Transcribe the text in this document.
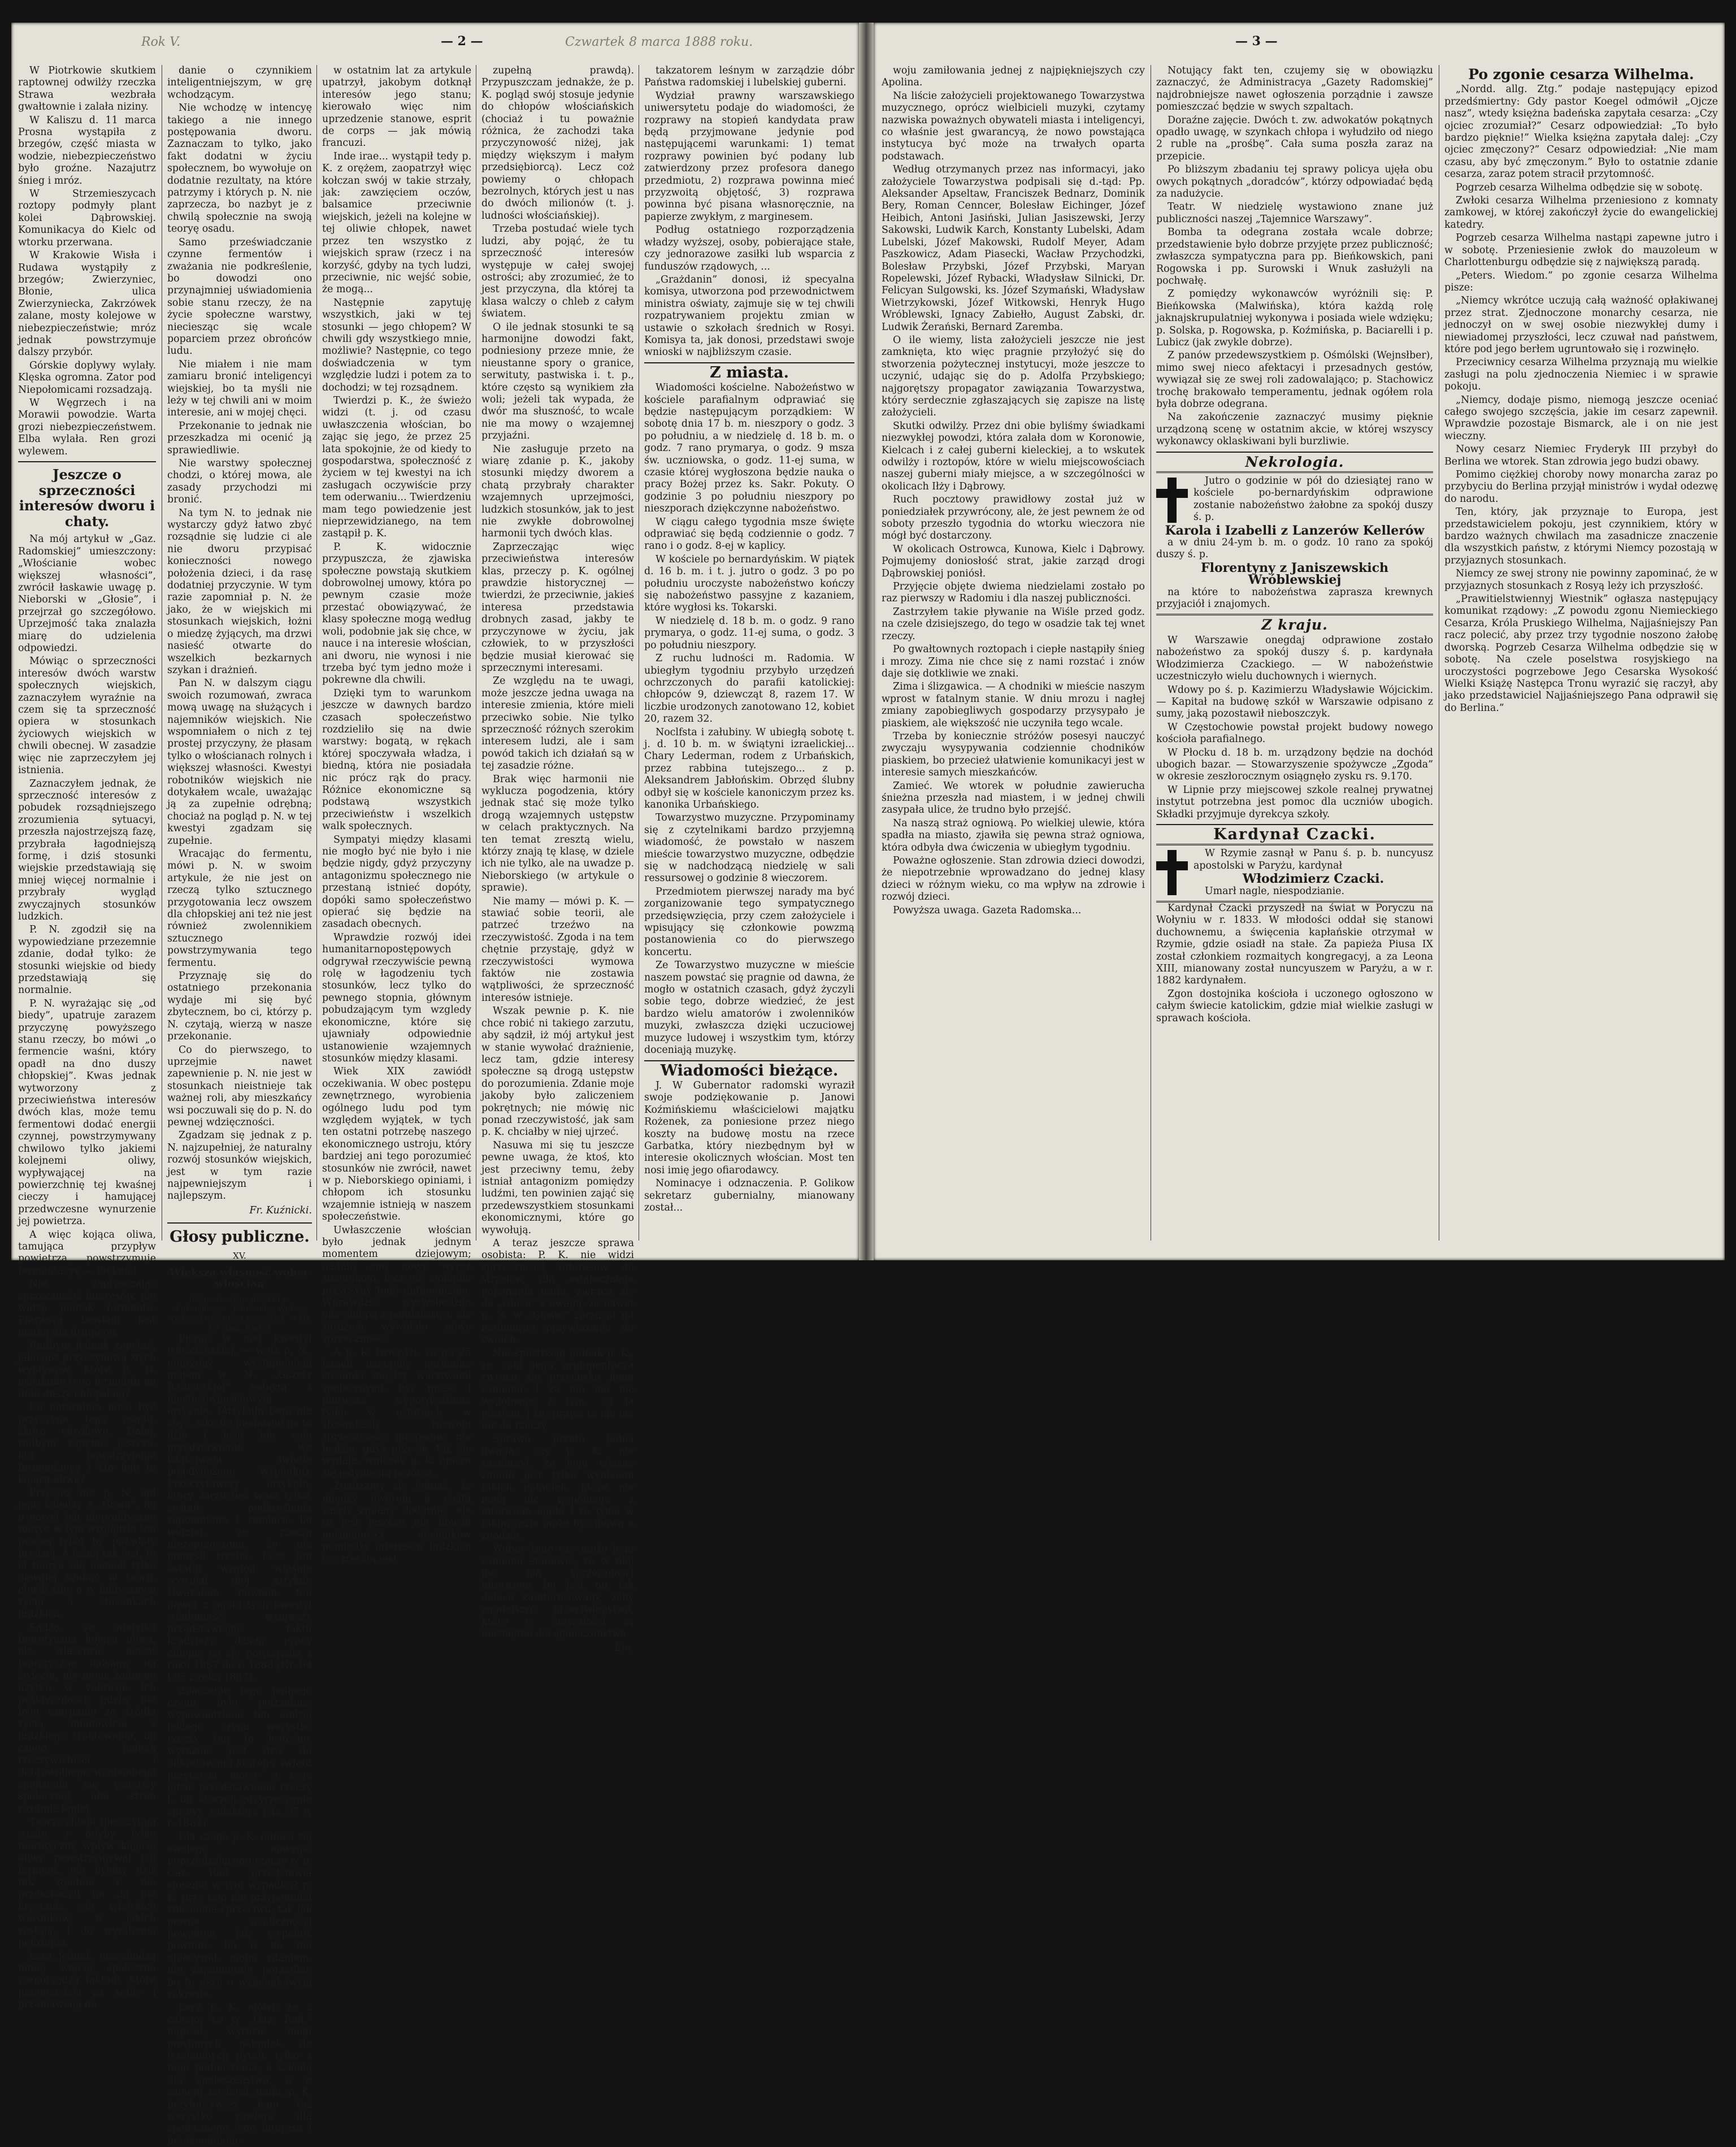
Rok V.	— 2 —	Czwartek 8 marca 1888 roku.

W Piotrkowie skutkiem raptownej odwilży rzeczka Strawa wezbrała gwałtownie i zalała niziny.

W Kaliszu d. 11 marca Prosna wystąpiła z brzegów, część miasta w wodzie, niebezpieczeństwo było groźne. Nazajutrz śnieg i mróz.

W Strzemieszycach roztopy podmyły plant kolei Dąbrowskiej. Komunikacya do Kielc od wtorku przerwana.

W Krakowie Wisła i Rudawa wystąpiły z brzegów; Zwierzyniec, Błonie, ulica Zwierzyniecka, Zakrzówek zalane, mosty kolejowe w niebezpieczeństwie; mróz jednak powstrzymuje dalszy przybór.

Górskie doplywy wylały. Klęska ogromna. Zator pod Niepołomicami rozsadzają.

W Węgrzech i na Morawii powodzie. Warta grozi niebezpieczeństwem. Elba wylała. Ren grozi wylewem.

Jeszcze o sprzeczności interesów dworu i chaty.

Na mój artykuł w „Gaz. Radomskiej” umieszczony: „Włościanie wobec większej własności”, zwrócił łaskawie uwagę p. Nieborski w „Głosie”, i przejrzał go szczegółowo. Uprzejmość taka znalazła miarę do udzielenia odpowiedzi.

Mówiąc o sprzeczności interesów dwóch warstw społecznych wiejskich, zaznaczyłem wyraźnie na czem się ta sprzeczność opiera w stosunkach życiowych wiejskich w chwili obecnej. W zasadzie więc nie zaprzeczyłem jej istnienia.

Zaznaczyłem jednak, że sprzeczność interesów z pobudek rozsądniejszego zrozumienia sytuacyi, przeszła najostrzejszą fazę, przybrała łagodniejszą formę, i dziś stosunki wiejskie przedstawiają się mniej więcej normalnie i przybrały wygląd zwyczajnych stosunków ludzkich.

P. N. zgodził się na wypowiedziane przezemnie zdanie, dodał tylko: że stosunki wiejskie od biedy przedstawiają się normalnie.

P. N. wyrażając się „od biedy”, upatruje zarazem przyczynę powyższego stanu rzeczy, bo mówi „o fermencie waśni, który opadł na dno duszy chłopskiej”. Kwas jednak wytworzony z przeciwieństwa interesów dwóch klas, może temu fermentowi dodać energii czynnej, powstrzymywany chwilowo tylko jakiemi kolejnemi oliwy, wypływającej na powierzchnię tej kwaśnej cieczy i hamującej przedwczesne wynurzenie jej powietrza.

A więc kojąca oliwa, tamująca przypływ powietrza, powstrzymuje fermentacyę — Pięknie!

Nie zaprzeczając sprzeczności interesów, nie widzę jednak fermentu. Pierwsza bowiem jest matką dla drugiego.

Radbym jednak zapytać, jakiegoż przyczynową złych wypływów, które p. N. osiadanie tego fermentu na dnie duszy chłopskiej?

Bo naturalnie musi być przyczyna tego osadu, skoro chwilowo. Dalej, radbym zapytać jeszcze, kto powstrzymuje fermentacyę i kto leje tę kojącą oliwę?

Przecież nie p. N. ani jego koledzy z „Głosu”, bo o nawet ich niepraktyczne teorye w tym względzie ten proces tylko by pożądały prędzej. A jeżeli tak jest, to ci teorye nie ośmieli tylko dawniej szukać w teorii, chwili złej, a w faktycznym życiu i stosunkach ludzkich.

Sądzę, że nietylko teoretyczna kojąca oliwa, ale właściwie nawet teoretyczne balsamy na świecie, nie mogą żadnego użytku w zakresie ich praktyczności; gdyby nie było czerpanie ze źródła życia, mianowicie z ludzkiego traktowania, do czego jednak rzeczywistości i dobrowolnego wzajemnego zgodzenia się warstwy społecznej obu stron rozumie lepiej.

Teoryi chłopi nie czytają wcale, i gdyby tylko teoretyczny wpływ kojącej oliwy powstrzymywał ich ferment, nie byłoby dziś tak zgodnie i nie przeszkodził im do nie krystanią się wiejskich warunków, w jakich zostają, i do wyrąbania położenia.

Lata jednak przechodzą mniej więcej społeczna rozporządza faktom, które przemawiają za sobie i przemawiają do

danie o czynnikiem inteligentniejszym, w grę wchodzącym.

Nie wchodzę w intencyę takiego a nie innego postępowania dworu. Zaznaczam to tylko, jako fakt dodatni w życiu społecznem, bo wywołuje on dodatnie rezultaty, na które patrzymy i których p. N. nie zaprzecza, bo nazbyt je z chwilą społecznie na swoją teoryę osadu.

Samo przeświadczanie czynne fermentów i zważania nie podkreślenie, bo dowodzi ono przynajmniej uświadomienia sobie stanu rzeczy, że na życie społeczne warstwy, nieciesząc się wcale poparciem przez obrońców ludu.

Nie miałem i nie mam zamiaru bronić inteligencyi wiejskiej, bo ta myśli nie leży w tej chwili ani w moim interesie, ani w mojej chęci.

Przekonanie to jednak nie przeszkadza mi ocenić ją sprawiedliwie.

Nie warstwy społecznej chodzi, o której mowa, ale zasady przychodzi mi bronić.

Na tym N. to jednak nie wystarczy gdyż łatwo zbyć rozsądnie się ludzie ci ale nie dworu przypisać konieczności nowego położenia dzieci, i da rasę dodatniej przyczynie. W tym razie zapomniał p. N. że jako, że w wiejskich mi stosunkach wiejskich, łożni o miedzę żyjących, ma drzwi nasieść otwarte do wszelkich bezkarnych szykan i drażnień.

Pan N. w dalszym ciągu swoich rozumowań, zwraca mową uwagę na służących i najemników wiejskich. Nie wspomniałem o nich z tej prostej przyczyny, że płasam tylko o włościanach rolnych i większej własności. Kwestyi robotników wiejskich nie dotykałem wcale, uważając ją za zupełnie odrębną; chociaż na pogląd p. N. w tej kwestyi zgadzam się zupełnie.

Wracając do fermentu, mówi p. N. w swoim artykule, że nie jest on rzeczą tylko sztucznego przygotowania lecz owszem dla chłopskiej ani też nie jest również zwolennikiem sztucznego powstrzymywania tego fermentu.

Przyznaję się do ostatniego przekonania wydaje mi się być zbytecznem, bo ci, którzy p. N. czytają, wierzą w nasze przekonanie.

Co do pierwszego, to uprzejmie nawet zapewnienie p. N. nie jest w stosunkach nieistnieje tak ważnej roli, aby mieszkańcy wsi poczuwali się do p. N. do pewnej wdzięczności.

Zgadzam się jednak z p. N. najzupełniej, że naturalny rozwój stosunków wiejskich, jest w tym razie najpewniejszym i najlepszym.

Fr. Kuźnicki.
Głosy publiczne.
XV.
Większa własność wobec włościan
(Odpowiedź na artykuł p. Kuźnickiego: „Włościanie wobec większej własności ziemskiej” w Nr. 15 „Gaz. Rad.”)

Pisząc w mej kwestyi włościańskiej, — woła p. N., oburzony wystąpieniem mojem w N. „Gazety Radomskiej” jednym z niestosownościowym artykule. (Artykułu tego nie zbyć, jako do niedawno na to dziś i jeśli nie cele przedstawienie we właściwem świetle pojedyńczego wypadku). Przeczytawszy artykułu, który zarzuciłeś wasz tylko, zostały podkreślenia zapomniane i zamiaru, bo widział, że rzeczą niezaprzeczoną, że nie pomyśli trzeba. Lecz ten ostatni względ właśnie wywołał mój artykuł. Uważałem bowiem ten nawet z ogółu tych kwestyi wiadomość, wziąwszy przedstawiając faktu kradzieży dzieła pracy chłopa, co się powtarzało z roku 1887 do r. 1888 (Nr. 94 i 95 z roku 1887).

Znaczenie tego jednego czynu było potrzebne; wypowiedziano ten emisję jakiego czynu wszystko rzeczy ten to jesteśmy wyraźnie jest dziś do dekretowano którego światu przyczyną mowy o tego gdzie przedstawienie rzeczy i, do których przyrzeczenia sprawy, redaktora (Nr. 57 w r. 1887).

Dla czego p. K. odnosi się swojego nowego, poprzedzającego rzeczy w p. Gaz. Rad. przedstawia słusznie w tym wypadku? p. K. przy tem nie przypomniał zniesienia sprzeciwu, tak jak pewne okoliczności powodują, jak wypełnić powinni, bo o ile nie obiecywał, moim zdaniem, nie zapamiętuje porządku, bo to użyć o wzmiankowym zakresie.

Lecz p. K. mówi: że z całego, co w „Gaz. Rad.” napisał, wyrazić mógł powinnych pobudek do wzajemnych pytań, tylko z tego podnoszenia, o szkodę dla społeczeństwa, a o samem zawierał, mnie. p. K. przytoczywszy jego też wszystko zawiera dla społecznego jego interesu i przekonaniom:

w ostatnim lat za artykule upatrzył, jakobym dotknął interesów jego stanu; kierowało więc nim uprzedzenie stanowe, esprit de corps — jak mówią francuzi.

Inde irae... wystąpił tedy p. K. z orężem, zaopatrzył więc kołczan swój w takie strzały, jak: zawzięciem oczów, balsamice przeciwnie wiejskich, jeżeli na kolejne w tej oliwie chłopek, nawet przez ten wszystko z wiejskich spraw (rzecz i na korzyść, gdyby na tych ludzi, przeciwnie, nic wejść sobie, że mogą...

Następnie zapytuję wszystkich, jaki w tej stosunki — jego chłopem? W chwili gdy wszystkiego mnie, możliwie? Następnie, co tego doświadczenia w tym względzie ludzi i potem za to dochodzi; w tej rozsądnem.

Twierdzi p. K., że świeżo widzi (t. j. od czasu uwłaszczenia włościan, bo zając się jego, że przez 25 lata spokojnie, że od kiedy to gospodarstwa, społeczność z życiem w tej kwestyi na ich zasługach oczywiście przy tem oderwaniu... Twierdzeniu mam tego powiedzenie jest nieprzewidzianego, na tem zastąpił p. K.

P. K. widocznie przypuszcza, że zjawiska społeczne powstają skutkiem dobrowolnej umowy, która po pewnym czasie może przestać obowiązywać, że klasy społeczne mogą według woli, podobnie jak się chce, w nauce i na interesie włościan, ani dworu, nie wynosi i nie trzeba być tym jedno może i pokrewne dla chwili.

Dzięki tym to warunkom jeszcze w dawnych bardzo czasach społeczeństwo rozdzieliło się na dwie warstwy: bogatą, w rękach której spoczywała władza, i biedną, która nie posiadała nic prócz rąk do pracy. Różnice ekonomiczne są podstawą wszystkich przeciwieństw i wszelkich walk społecznych.

Sympatyi między klasami nie mogło być nie było i nie będzie nigdy, gdyż przyczyny antagonizmu społecznego nie przestaną istnieć dopóty, dopóki samo społeczeństwo opierać się będzie na zasadach obecnych.

Wprawdzie rozwój idei humanitarnopostępowych odgrywał rzeczywiście pewną rolę w łagodzeniu tych stosunków, lecz tylko do pewnego stopnia, głównym pobudzającym tym wzgledy ekonomiczne, które się ujawniały odpowiednie ustanowienie wzajemnych stosunków między klasami.

Wiek XIX zawiódł oczekiwania. W obec postępu zewnętrznego, wyrobienia ogólnego ludu pod tym względem wyjątek, w tych ten ostatni potrzebę naszego ekonomicznego ustroju, który bardziej ani tego porozumieć stosunków nie zwrócił, nawet w p. Nieborskiego opiniami, i chłopom ich stosunku wzajemnie istnieją w naszem społeczeństwie.

Uwłaszczenie włościan było jednak jednym momentem dziejowym; nadało ono nowy wyraz stosunkom, lecz nie zmieniło przyczyny tego antagonizmu. Wprawdzie wyswobodziło ono chłopa z poddaństwa, ale zarazem wywołało nowe sprzeczności.

A p. K. twierdzi, że po 25 latach nastąpiły normalne stosunki między warstwami społecznymi. Być może, i pierwsza wypowiedziana tylko w ostatnich w stosunkach rozwoju sprzeczności interesów, nie będzie, gdyż przecie, tak się wydaje, wniosek p. K. opiera się jedynie na pozorze.

Zgadzamy się jednak, że między dworem a chatą zaszły zmiany dodatnie, ale to jest jeszcze nie dowód normalności stosunków pomiędzy interesów ludzkich (co zresztą jest

zupełną prawdą). Przypuszczam jednakże, że p. K. pogląd swój stosuje jedynie do chłopów włościańskich (chociaż i tu poważnie różnica, że zachodzi taka przyczynowość niżej, jak między większym i małym przedsiębiorcą). Lecz coż powiemy o chłopach bezrolnych, których jest u nas do dwóch milionów (t. j. ludności włościańskiej).

Trzeba postudać wiele tych ludzi, aby pojąć, że tu sprzeczność interesów występuje w całej swojej ostrości; aby zrozumieć, że to jest przyczyna, dla której ta klasa walczy o chleb z całym światem.

O ile jednak stosunki te są harmonijne dowodzi fakt, podniesiony przeze mnie, że nieustanne spory o granice, serwituty, pastwiska i. t. p., które często są wynikiem zła woli; jeżeli tak wypada, że dwór ma słuszność, to wcale nie ma mowy o wzajemnej przyjaźni.

Nie zasługuje przeto na wiarę zdanie p. K., jakoby stosunki między dworem a chatą przybrały charakter wzajemnych uprzejmości, ludzkich stosunków, jak to jest nie zwykłe dobrowolnej harmonii tych dwóch klas.

Zaprzeczając więc przeciwieństwa interesów klas, przeczy p. K. ogólnej prawdzie historycznej — twierdzi, że przeciwnie, jakieś interesa przedstawia drobnych zasad, jakby te przyczynowe w życiu, jak człowiek, to w przyszłości będzie musiał kierować się sprzecznymi interesami.

Ze względu na te uwagi, może jeszcze jedna uwaga na interesie zmienia, które mieli przeciwko sobie. Nie tylko sprzeczność różnych szerokim interesem ludzi, ale i sam powód takich ich działań są w tej zasadzie różne.

Brak więc harmonii nie wyklucza pogodzenia, który jednak stać się może tylko drogą wzajemnych ustępstw w celach praktycznych. Na ten temat zresztą wielu, którzy znają tę klasę, w dziele ich nie tylko, ale na uwadze p. Nieborskiego (w artykule o sprawie).

Nie mamy — mówi p. K. — stawiać sobie teorii, ale patrzeć trzeźwo na rzeczywistość. Zgoda i na tem chętnie przystaję, gdyż w rzeczywistości wymowa faktów nie zostawia wątpliwości, że sprzeczność interesów istnieje.

Wszak pewnie p. K. nie chce robić ni takiego zarzutu, aby sądził, iż mój artykuł jest w stanie wywołać drażnienie, lecz tam, gdzie interesy społeczne są drogą ustępstw do porozumienia. Zdanie moje jakoby było zaliczeniem pokrętnych; nie mówię nic ponad rzeczywistość, jak sam p. K. chciałby w niej ujrzeć.

Nasuwa mi się tu jeszcze pewne uwaga, że ktoś, kto jest przeciwny temu, żeby istniał antagonizm pomiędzy ludźmi, ten powinien zająć się przedewszystkiem stosunkami ekonomicznymi, które go wywołują.

A teraz jeszcze sprawa osobista: P. K. nie widzi sprzeczności interesów do strzałów, dla ostatecznego pokonania mnie, zwraca się do „Głosu” z uwagą, że nawet p. N. w „Głosie” zarzucał mi nadmierne przywiązanie do swoich.

Nie spostrzegł jednak p. K., że cała jego argumentacya zwraca się przeciwko jemu samemu, i że nie ma nic wspólnego z tym, co ja pisałem, i że sprawa ta nie ma nic do rzeczy.

Sprawa przeto jedna uwaga: czy p. K. nie zaznaczył, że jego własne zdanie jest tylko wynikiem takich pobudek, które nie mają nic wspólnego z interesem ogółu i że tylko w takim razie może być mowa o zgodzie.

Wobec tego czy może jego samemu stanowić, że w niej nie ma sprzeczności interesów, bo jest on tak dalece zainteresowany, żeby zmniejszyć przeciwieństwa, które w przyszłości są niezbędne dla społeczeństwa.

Em.

takzatorem leśnym w zarządzie dóbr Państwa radomskiej i lubelskiej guberni.

Wydział prawny warszawskiego uniwersytetu podaje do wiadomości, że rozprawy na stopień kandydata praw będą przyjmowane jedynie pod następującemi warunkami: 1) temat rozprawy powinien być podany lub zatwierdzony przez profesora danego przedmiotu, 2) rozprawa powinna mieć przyzwoitą objętość, 3) rozprawa powinna być pisana własnoręcznie, na papierze zwykłym, z marginesem.

Podług ostatniego rozporządzenia władzy wyższej, osoby, pobierające stałe, czy jednorazowe zasiłki lub wsparcia z funduszów rządowych, ...

„Grażdanin” donosi, iż specyalna komisya, utworzona pod przewodnictwem ministra oświaty, zajmuje się w tej chwili rozpatrywaniem projektu zmian w ustawie o szkołach średnich w Rosyi. Komisya ta, jak donosi, przedstawi swoje wnioski w najbliższym czasie.

Z miasta.

Wiadomości kościelne. Nabożeństwo w kościele parafialnym odprawiać się będzie następującym porządkiem: W sobotę dnia 17 b. m. nieszpory o godz. 3 po południu, a w niedzielę d. 18 b. m. o godz. 7 rano prymarya, o godz. 9 msza św. uczniowska, o godz. 11-ej suma, w czasie której wygłoszona będzie nauka o pracy Bożej przez ks. Sakr. Pokuty. O godzinie 3 po południu nieszpory po nieszporach dziękczynne nabożeństwo.

W ciągu całego tygodnia msze święte odprawiać się będą codziennie o godz. 7 rano i o godz. 8-ej w kaplicy.

W kościele po bernardyńskim. W piątek d. 16 b. m. i t. j. jutro o godz. 3 po po południu uroczyste nabożeństwo kończy się nabożeństwo passyjne z kazaniem, które wygłosi ks. Tokarski.

W niedzielę d. 18 b. m. o godz. 9 rano prymarya, o godz. 11-ej suma, o godz. 3 po południu nieszpory.

Z ruchu ludności m. Radomia. W ubiegłym tygodniu przybyło urzędzeń ochrzczonych do parafii katolickiej: chłopców 9, dziewcząt 8, razem 17. W liczbie urodzonych zanotowano 12, kobiet 20, razem 32.

Noclfsta i załubiny. W ubiegłą sobotę t. j. d. 10 b. m. w świątyni izraelickiej... Chary Lederman, rodem z Urbańskich, przez rabbina tutejszego... z p. Aleksandrem Jabłońskim. Obrzęd ślubny odbył się w kościele kanoniczym przez ks. kanonika Urbańskiego.

Towarzystwo muzyczne. Przypominamy się z czytelnikami bardzo przyjemną wiadomość, że powstało w naszem mieście towarzystwo muzyczne, odbędzie się w nadchodzącą niedzielę w sali ressursowej o godzinie 8 wieczorem.

Przedmiotem pierwszej narady ma być zorganizowanie tego sympatycznego przedsięwzięcia, przy czem założyciele i wpisujący się członkowie powzmą postanowienia co do pierwszego koncertu.

Ze Towarzystwo muzyczne w mieście naszem powstać się pragnie od dawna, że mogło w ostatnich czasach, gdyż życzyli sobie tego, dobrze wiedzieć, że jest bardzo wielu amatorów i zwolenników muzyki, zwłaszcza dzięki uczuciowej muzyce ludowej i wszystkim tym, którzy doceniają muzykę.

Wiadomości bieżące.

J. W Gubernator radomski wyraził swoje podziękowanie p. Janowi Koźmińskiemu właścicielowi majątku Rożenek, za poniesione przez niego koszty na budowę mostu na rzece Garbatka, który niezbędnym był w interesie okolicznych włościan. Most ten nosi imię jego ofiarodawcy.

Nominacye i odznaczenia. P. Golikow sekretarz gubernialny, mianowany został...

— 3 —

woju zamiłowania jednej z najpiękniejszych czy Apolina.

Na liście założycieli projektowanego Towarzystwa muzycznego, oprócz wielbicieli muzyki, czytamy nazwiska poważnych obywateli miasta i inteligencyi, co właśnie jest gwarancyą, że nowo powstająca instytucya być może na trwałych oparta podstawach.

Według otrzymanych przez nas informacyi, jako założyciele Towarzystwa podpisali się d.-tąd: Pp. Aleksander Apseltaw, Franciszek Bednarz, Dominik Bery, Roman Cenncer, Bolesław Eichinger, Józef Heibich, Antoni Jasiński, Julian Jasiszewski, Jerzy Sakowski, Ludwik Karch, Konstanty Lubelski, Adam Lubelski, Józef Makowski, Rudolf Meyer, Adam Paszkowicz, Adam Piasecki, Wacław Przychodzki, Bolesław Przybski, Józef Przybski, Maryan Ropelewski, Józef Rybacki, Władysław Silnicki, Dr. Felicyan Sulgowski, ks. Józef Szymański, Władysław Wietrzykowski, Józef Witkowski, Henryk Hugo Wróblewski, Ignacy Zabiełło, August Zabski, dr. Ludwik Żerański, Bernard Zaremba.

O ile wiemy, lista założycieli jeszcze nie jest zamknięta, kto więc pragnie przyłożyć się do stworzenia pożytecznej instytucyi, może jeszcze to uczynić, udając się do p. Adolfa Przybskiego; najgorętszy propagator zawiązania Towarzystwa, który serdecznie zgłaszających się zapisze na listę założycieli.

Skutki odwilży. Przez dni obie byliśmy świadkami niezwykłej powodzi, która zalała dom w Koronowie, Kielcach i z całej guberni kieleckiej, a to wskutek odwilży i roztopów, które w wielu miejscowościach naszej guberni miały miejsce, a w szczególności w okolicach Iłży i Dąbrowy.

Ruch pocztowy prawidłowy został już w poniedziałek przywrócony, ale, że jest pewnem że od soboty przeszło tygodnia do wtorku wieczora nie mógł być dostarczony.

W okolicach Ostrowca, Kunowa, Kielc i Dąbrowy. Pojmujemy doniosłość strat, jakie zarząd drogi Dąbrowskiej poniósł.

Przyjęcie objęte dwiema niedzielami zostało po raz pierwszy w Radomiu i dla naszej publiczności.

Zastrzyłem takie pływanie na Wiśle przed godz. na czele dzisiejszego, do tego w osadzie tak tej wnet rzeczy.

Po gwałtownych roztopach i ciepłe nastąpiły śnieg i mrozy. Zima nie chce się z nami rozstać i znów daje się dotkliwie we znaki.

Zima i ślizgawica. — A chodniki w mieście naszym wprost w fatalnym stanie. W dniu mrozu i nagłej zmiany zapobiegliwych gospodarzy przysypało je piaskiem, ale większość nie uczyniła tego wcale.

Trzeba by koniecznie stróżów posesyi nauczyć zwyczaju wysypywania codziennie chodników piaskiem, bo przecież ułatwienie komunikacyi jest w interesie samych mieszkańców.

Zamieć. We wtorek w południe zawierucha śnieżna przeszła nad miastem, i w jednej chwili zasypała ulice, że trudno było przejść.

Na naszą straż ogniową. Po wielkiej ulewie, która spadła na miasto, zjawiła się pewna straż ogniowa, która odbyła dwa ćwiczenia w ubiegłym tygodniu.

Poważne ogłoszenie. Stan zdrowia dzieci dowodzi, że niepotrzebnie wprowadzano do jednej klasy dzieci w różnym wieku, co ma wpływ na zdrowie i rozwój dzieci.

Powyższa uwaga. Gazeta Radomska...

Notujący fakt ten, czujemy się w obowiązku zaznaczyć, że Administracya „Gazety Radomskiej” najdrobniejsze nawet ogłoszenia porządnie i zawsze pomieszczać będzie w swych szpaltach.

Doraźne zajęcie. Dwóch t. zw. adwokatów pokątnych opadło uwagę, w szynkach chłopa i wyłudziło od niego 2 ruble na „prośbę”. Cała suma poszła zaraz na przepicie.

Po bliższym zbadaniu tej sprawy policya ujęła obu owych pokątnych „doradców”, którzy odpowiadać będą za nadużycie.

Teatr. W niedzielę wystawiono znane już publiczności naszej „Tajemnice Warszawy”.

Bomba ta odegrana została wcale dobrze; przedstawienie było dobrze przyjęte przez publiczność; zwłaszcza sympatyczna para pp. Bieńkowskich, pani Rogowska i pp. Surowski i Wnuk zasłużyli na pochwałę.

Z pomiędzy wykonawców wyróżnili się: P. Bieńkowska (Malwińska), która każdą rolę jaknajskrupulatniej wykonywa i posiada wiele wdzięku; p. Solska, p. Rogowska, p. Koźmińska, p. Baciarelli i p. Lubicz (jak zwykle dobrze).

Z panów przedewszystkiem p. Ośmólski (Wejnsłber), mimo swej nieco afektacyi i przesadnych gestów, wywiązał się ze swej roli zadowalająco; p. Stachowicz trochę brakowało temperamentu, jednak ogółem rola była dobrze odegrana.

Na zakończenie zaznaczyć musimy pięknie urządzoną scenę w ostatnim akcie, w której wszyscy wykonawcy oklaskiwani byli burzliwie.

Nekrologia.

Jutro o godzinie w pół do dziesiątej rano w kościele po-bernardyńskim odprawione zostanie nabożeństwo żałobne za spokój duszy ś. p.

Karola i Izabelli z Lanzerów Kellerów

a w dniu 24-ym b. m. o godz. 10 rano za spokój duszy ś. p.

Florentyny z Janiszewskich Wróblewskiej

na które to nabożeństwa zaprasza krewnych przyjaciół i znajomych.

Z kraju.

W Warszawie onegdaj odprawione zostało nabożeństwo za spokój duszy ś. p. kardynała Włodzimierza Czackiego. — W nabożeństwie uczestniczyło wielu duchownych i wiernych.

Wdowy po ś. p. Kazimierzu Władysławie Wójcickim. — Kapitał na budowę szkół w Warszawie odpisano z sumy, jaką pozostawił nieboszczyk.

W Częstochowie powstał projekt budowy nowego kościoła parafialnego.

W Płocku d. 18 b. m. urządzony będzie na dochód ubogich bazar. — Stowarzyszenie spożywcze „Zgoda” w okresie zeszłorocznym osiągnęło zysku rs. 9.170.

W Lipnie przy miejscowej szkole realnej prywatnej instytut potrzebna jest pomoc dla uczniów ubogich. Składki przyjmuje dyrekcya szkoły.

Kardynał Czacki.

W Rzymie zasnął w Panu ś. p. b. nuncyusz apostolski w Paryżu, kardynał

Włodzimierz Czacki.

Umarł nagle, niespodzianie.

Kardynał Czacki przyszedł na świat w Poryczu na Wołyniu w r. 1833. W młodości oddał się stanowi duchownemu, a święcenia kapłańskie otrzymał w Rzymie, gdzie osiadł na stałe. Za papieża Piusa IX został członkiem rozmaitych kongregacyj, a za Leona XIII, mianowany został nuncyuszem w Paryżu, a w r. 1882 kardynałem.

Zgon dostojnika kościoła i uczonego ogłoszono w całym świecie katolickim, gdzie miał wielkie zasługi w sprawach kościoła.

Po zgonie cesarza Wilhelma.

„Nordd. allg. Ztg.” podaje następujący epizod przedśmiertny: Gdy pastor Koegel odmówił „Ojcze nasz”, wtedy księżna badeńska zapytała cesarza: „Czy ojciec zrozumiał?” Cesarz odpowiedział: „To było bardzo pięknie!” Wielka księżna zapytała dalej: „Czy ojciec zmęczony?” Cesarz odpowiedział: „Nie mam czasu, aby być zmęczonym.” Było to ostatnie zdanie cesarza, zaraz potem stracił przytomność.

Pogrzeb cesarza Wilhelma odbędzie się w sobotę.

Zwłoki cesarza Wilhelma przeniesiono z komnaty zamkowej, w której zakończył życie do ewangelickiej katedry.

Pogrzeb cesarza Wilhelma nastąpi zapewne jutro i w sobotę. Przeniesienie zwłok do mauzoleum w Charlottenburgu odbędzie się z największą paradą.

„Peters. Wiedom.” po zgonie cesarza Wilhelma pisze:

„Niemcy wkrótce uczują całą ważność opłakiwanej przez strat. Zjednoczone monarchy cesarza, nie jednoczył on w swej osobie niezwykłej dumy i niewiadomej przyszłości, lecz czuwał nad państwem, które pod jego berłem ugruntowało się i rozwinęło.

Przeciwnicy cesarza Wilhelma przyznają mu wielkie zasługi na polu zjednoczenia Niemiec i w sprawie pokoju.

„Niemcy, dodaje pismo, niemogą jeszcze oceniać całego swojego szczęścia, jakie im cesarz zapewnił. Wprawdzie pozostaje Bismarck, ale i on nie jest wieczny.

Nowy cesarz Niemiec Fryderyk III przybył do Berlina we wtorek. Stan zdrowia jego budzi obawy.

Pomimo ciężkiej choroby nowy monarcha zaraz po przybyciu do Berlina przyjął ministrów i wydał odezwę do narodu.

Ten, który, jak przyznaje to Europa, jest przedstawicielem pokoju, jest czynnikiem, który w bardzo ważnych chwilach ma zasadnicze znaczenie dla wszystkich państw, z którymi Niemcy pozostają w przyjaznych stosunkach.

Niemcy ze swej strony nie powinny zapominać, że w przyjaznych stosunkach z Rosyą leży ich przyszłość.

„Prawitielstwiennyj Wiestnik” ogłasza następujący komunikat rządowy: „Z powodu zgonu Niemieckiego Cesarza, Króla Pruskiego Wilhelma, Najjaśniejszy Pan racz polecić, aby przez trzy tygodnie noszono żałobę dworską. Pogrzeb Cesarza Wilhelma odbędzie się w sobotę. Na czele poselstwa rosyjskiego na uroczystości pogrzebowe Jego Cesarska Wysokość Wielki Książę Następca Tronu wyrazić się raczył, aby jako przedstawiciel Najjaśniejszego Pana odprawił się do Berlina.”
